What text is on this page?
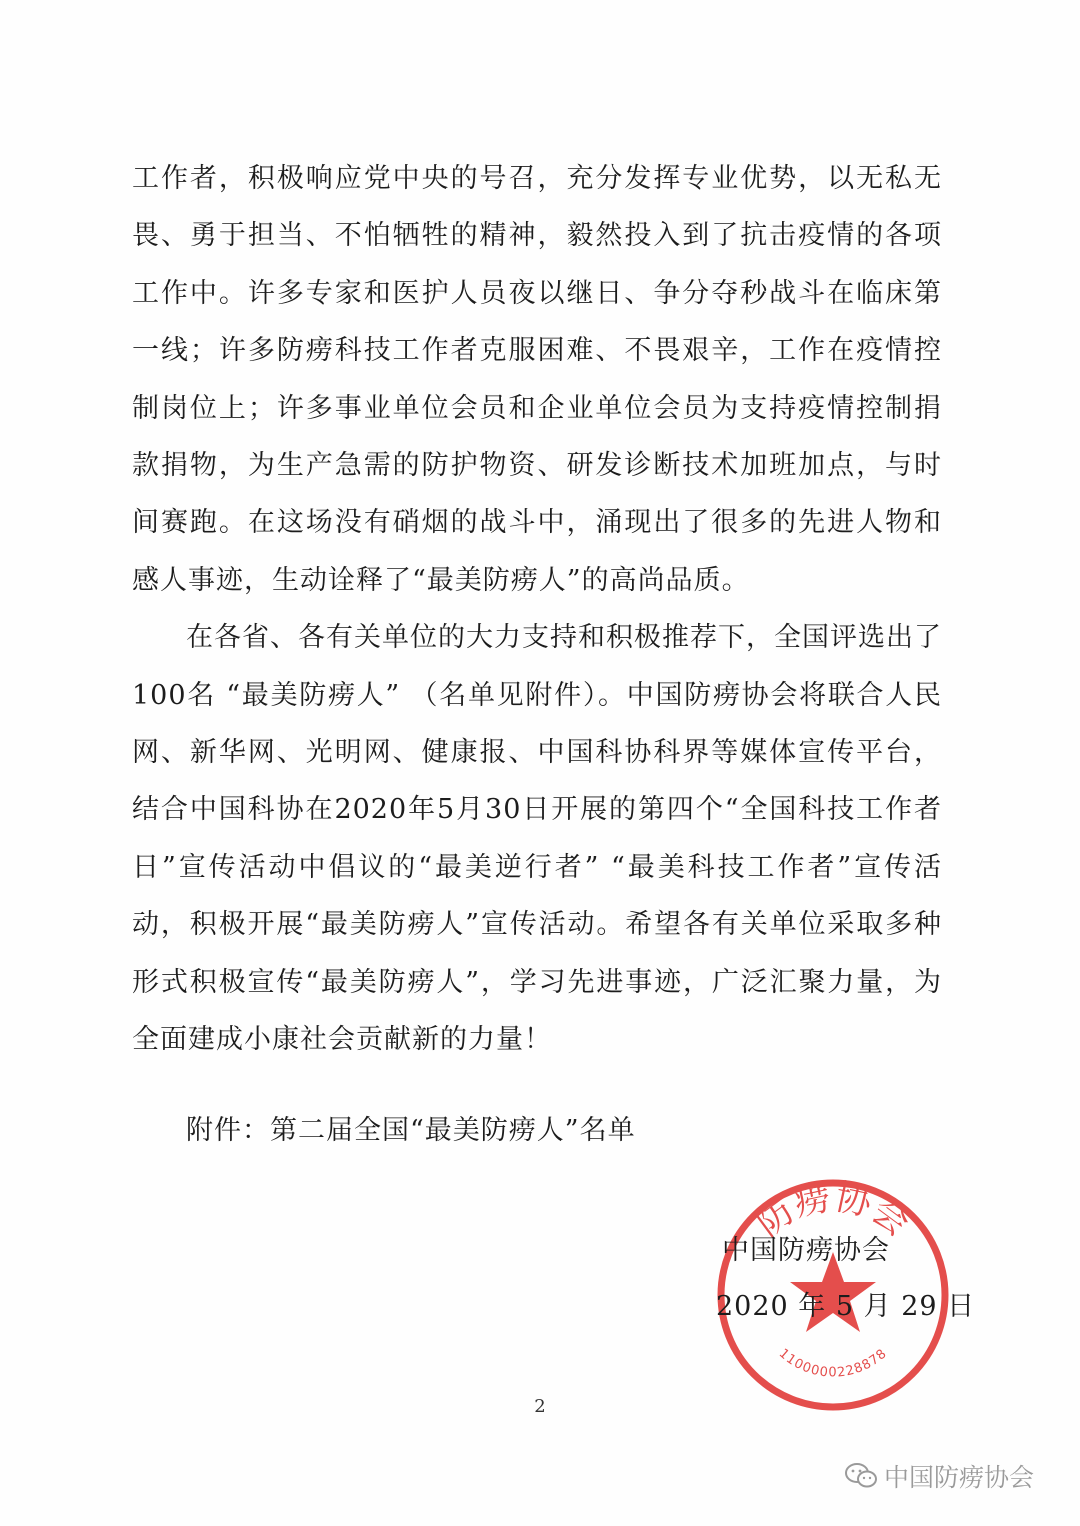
工作者，积极响应党中央的号召，充分发挥专业优势，以无私无畏、勇于担当、不怕牺牲的精神，毅然投入到了抗击疫情的各项工作中。许多专家和医护人员夜以继日、争分夺秒战斗在临床第一线；许多防痨科技工作者克服困难、不畏艰辛，工作在疫情控制岗位上；许多事业单位会员和企业单位会员为支持疫情控制捐款捐物，为生产急需的防护物资、研发诊断技术加班加点，与时间赛跑。在这场没有硝烟的战斗中，涌现出了很多的先进人物和感人事迹，生动诠释了“最美防痨人”的高尚品质。

在各省、各有关单位的大力支持和积极推荐下，全国评选出了100名 “最美防痨人” （名单见附件）。中国防痨协会将联合人民网、新华网、光明网、健康报、中国科协科界等媒体宣传平台，结合中国科协在2020年5月30日开展的第四个“全国科技工作者日”宣传活动中倡议的“最美逆行者” “最美科技工作者”宣传活动，积极开展“最美防痨人”宣传活动。希望各有关单位采取多种形式积极宣传“最美防痨人”，学习先进事迹，广泛汇聚力量，为全面建成小康社会贡献新的力量！

附件：第二届全国“最美防痨人”名单
防痨协会
1100000228878
中国防痨协会
2020 年 5 月 29 日
2
中国防痨协会
